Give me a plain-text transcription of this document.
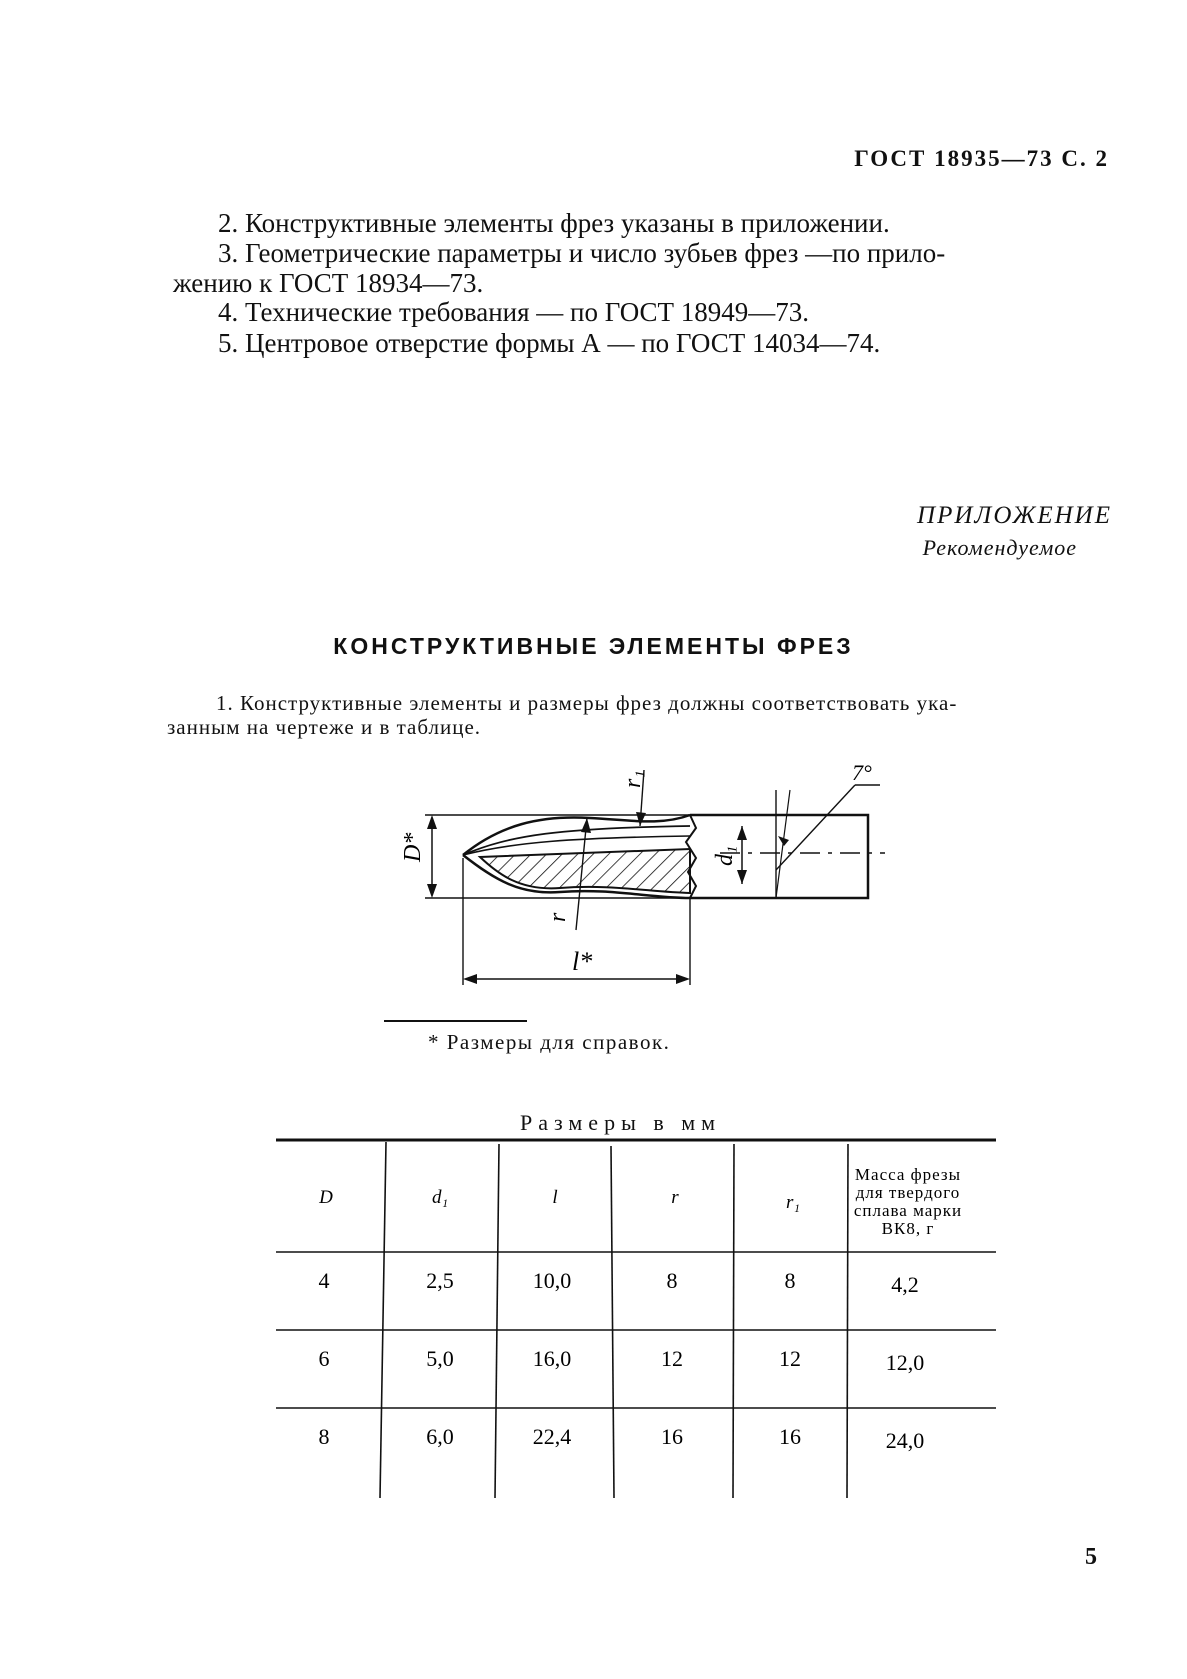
ГОСТ 18935—73 С. 2
2. Конструктивные элементы фрез указаны в приложении.
3. Геометрические параметры и число зубьев фрез —по прило-
жению к ГОСТ 18934—73.
4. Технические требования — по ГОСТ 18949—73.
5. Центровое отверстие формы А — по ГОСТ 14034—74.
ПРИЛОЖЕНИЕ
Рекомендуемое
КОНСТРУКТИВНЫЕ ЭЛЕМЕНТЫ ФРЕЗ
1. Конструктивные элементы и размеры фрез должны соответствовать ука-
занным на чертеже и в таблице.
D*	d₁
7°
r
r₁
l*
* Размеры для справок.
Размеры в мм
D	d₁	l	r	r₁
Масса фрезы
для твердого
сплава марки
ВК8, г
4	2,5	10,0	8	8	4,2
6	5,0	16,0	12	12	12,0
8	6,0	22,4	16	16	24,0
5
